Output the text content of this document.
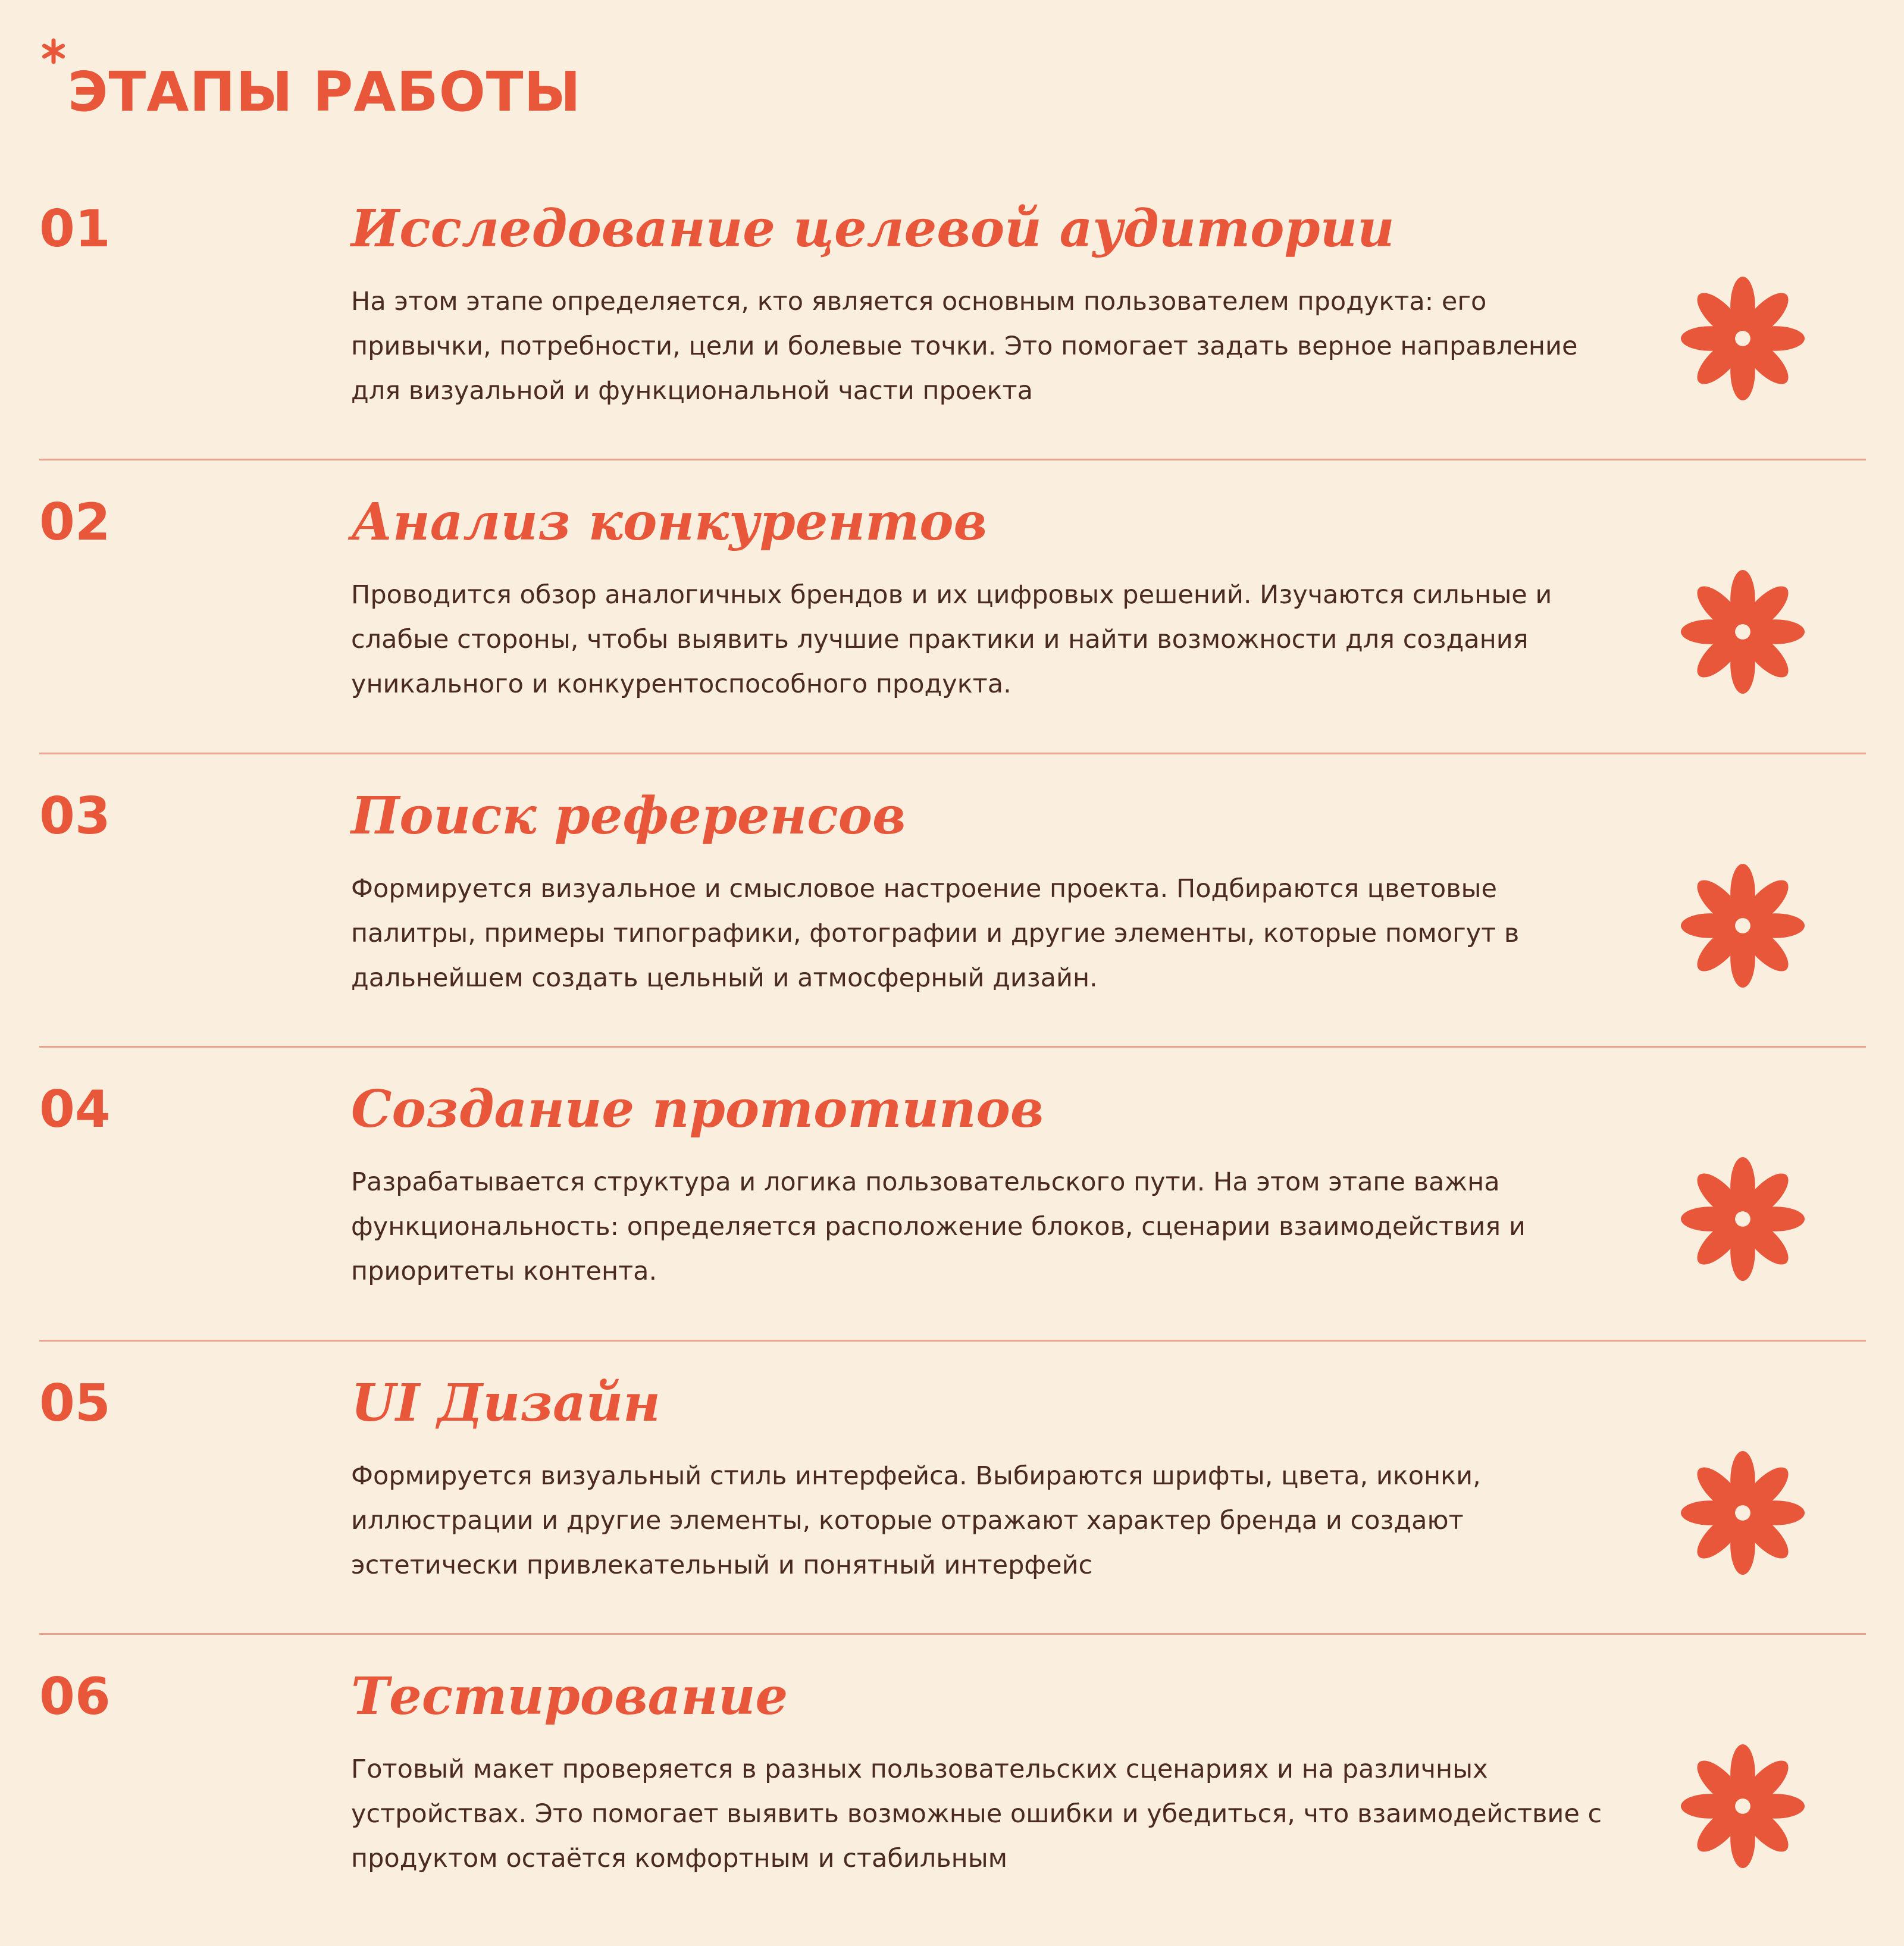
ЭТАПЫ РАБОТЫ
01	Исследование целевой аудитории

На этом этапе определяется, кто является основным пользователем продукта: его привычки, потребности, цели и болевые точки. Это помогает задать верное направление для визуальной и функциональной части проекта

02	Анализ конкурентов

Проводится обзор аналогичных брендов и их цифровых решений. Изучаются сильные и слабые стороны, чтобы выявить лучшие практики и найти возможности для создания уникального и конкурентоспособного продукта.

03	Поиск референсов

Формируется визуальное и смысловое настроение проекта. Подбираются цветовые палитры, примеры типографики, фотографии и другие элементы, которые помогут в дальнейшем создать цельный и атмосферный дизайн.

04	Создание прототипов

Разрабатывается структура и логика пользовательского пути. На этом этапе важна функциональность: определяется расположение блоков, сценарии взаимодействия и приоритеты контента.

05	UI Дизайн

Формируется визуальный стиль интерфейса. Выбираются шрифты, цвета, иконки, иллюстрации и другие элементы, которые отражают характер бренда и создают эстетически привлекательный и понятный интерфейс

06	Тестирование

Готовый макет проверяется в разных пользовательских сценариях и на различных устройствах. Это помогает выявить возможные ошибки и убедиться, что взаимодействие с продуктом остаётся комфортным и стабильным
